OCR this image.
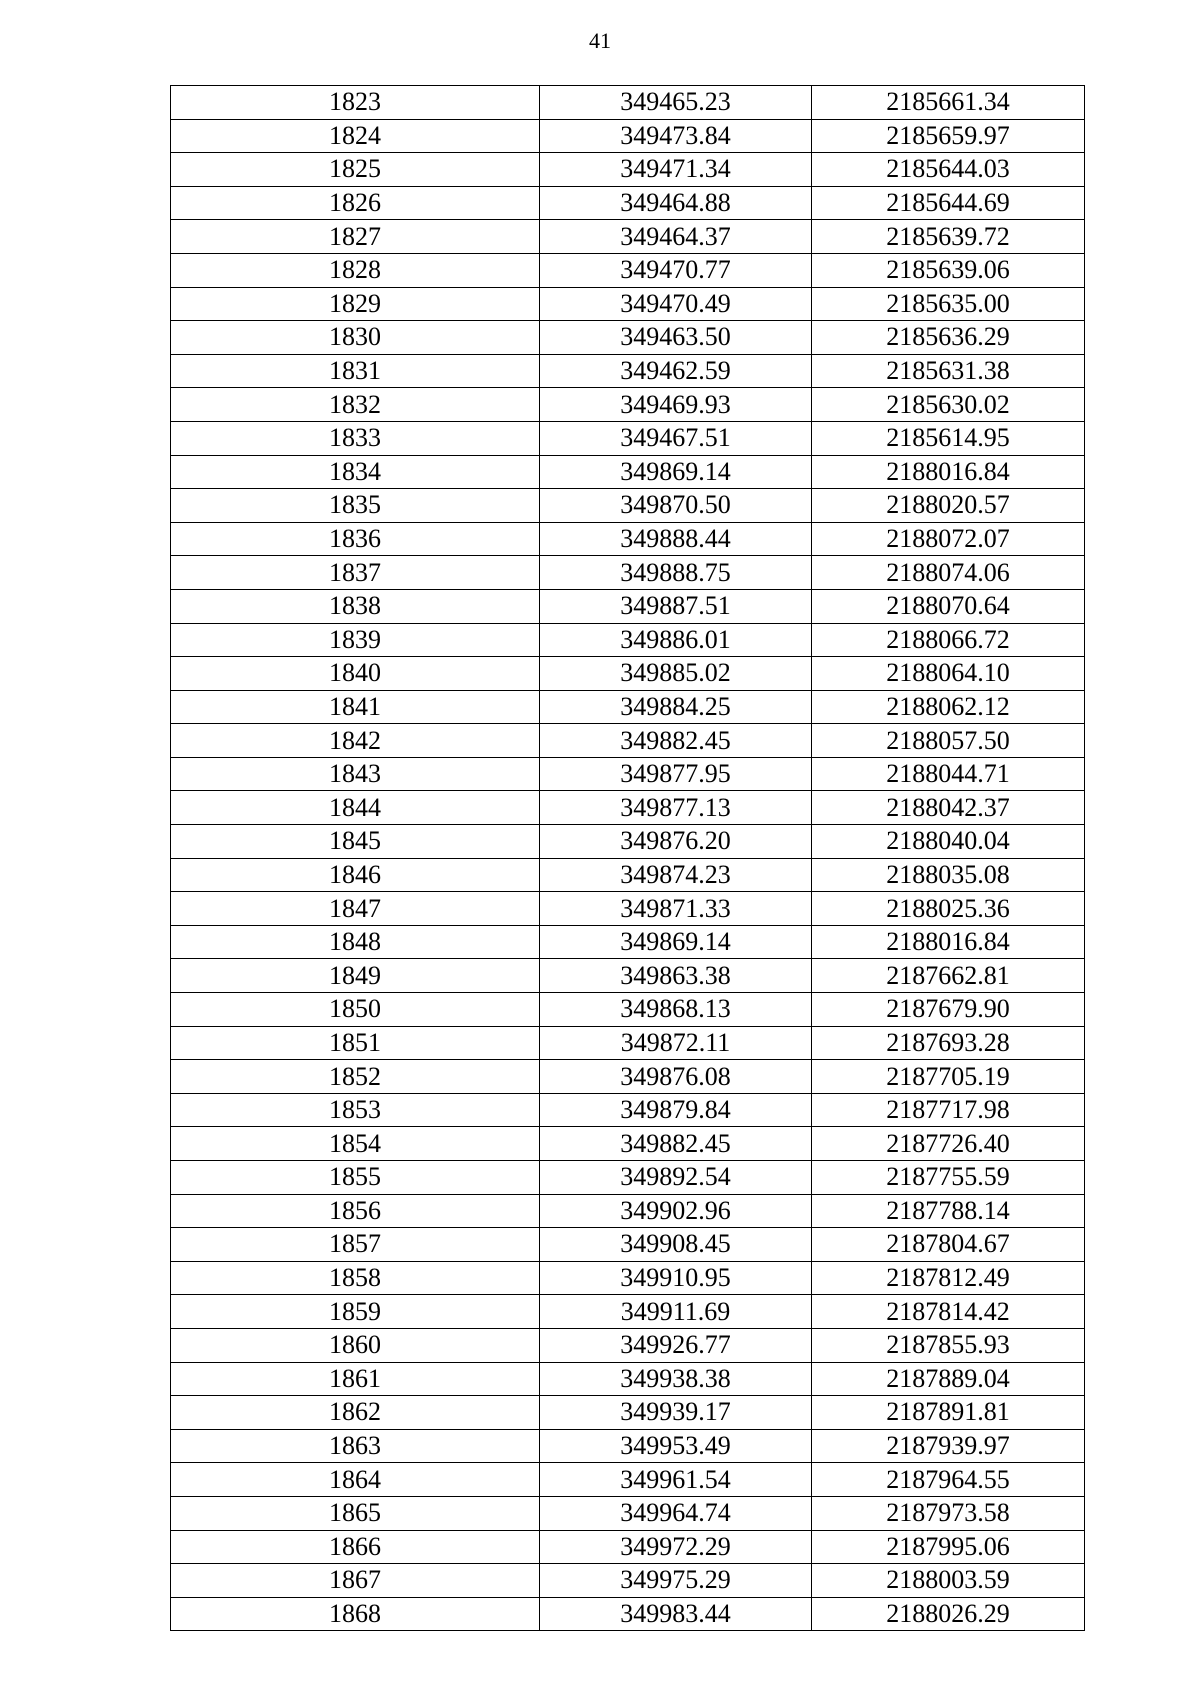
41
1823	349465.23	2185661.34
1824	349473.84	2185659.97
1825	349471.34	2185644.03
1826	349464.88	2185644.69
1827	349464.37	2185639.72
1828	349470.77	2185639.06
1829	349470.49	2185635.00
1830	349463.50	2185636.29
1831	349462.59	2185631.38
1832	349469.93	2185630.02
1833	349467.51	2185614.95
1834	349869.14	2188016.84
1835	349870.50	2188020.57
1836	349888.44	2188072.07
1837	349888.75	2188074.06
1838	349887.51	2188070.64
1839	349886.01	2188066.72
1840	349885.02	2188064.10
1841	349884.25	2188062.12
1842	349882.45	2188057.50
1843	349877.95	2188044.71
1844	349877.13	2188042.37
1845	349876.20	2188040.04
1846	349874.23	2188035.08
1847	349871.33	2188025.36
1848	349869.14	2188016.84
1849	349863.38	2187662.81
1850	349868.13	2187679.90
1851	349872.11	2187693.28
1852	349876.08	2187705.19
1853	349879.84	2187717.98
1854	349882.45	2187726.40
1855	349892.54	2187755.59
1856	349902.96	2187788.14
1857	349908.45	2187804.67
1858	349910.95	2187812.49
1859	349911.69	2187814.42
1860	349926.77	2187855.93
1861	349938.38	2187889.04
1862	349939.17	2187891.81
1863	349953.49	2187939.97
1864	349961.54	2187964.55
1865	349964.74	2187973.58
1866	349972.29	2187995.06
1867	349975.29	2188003.59
1868	349983.44	2188026.29
